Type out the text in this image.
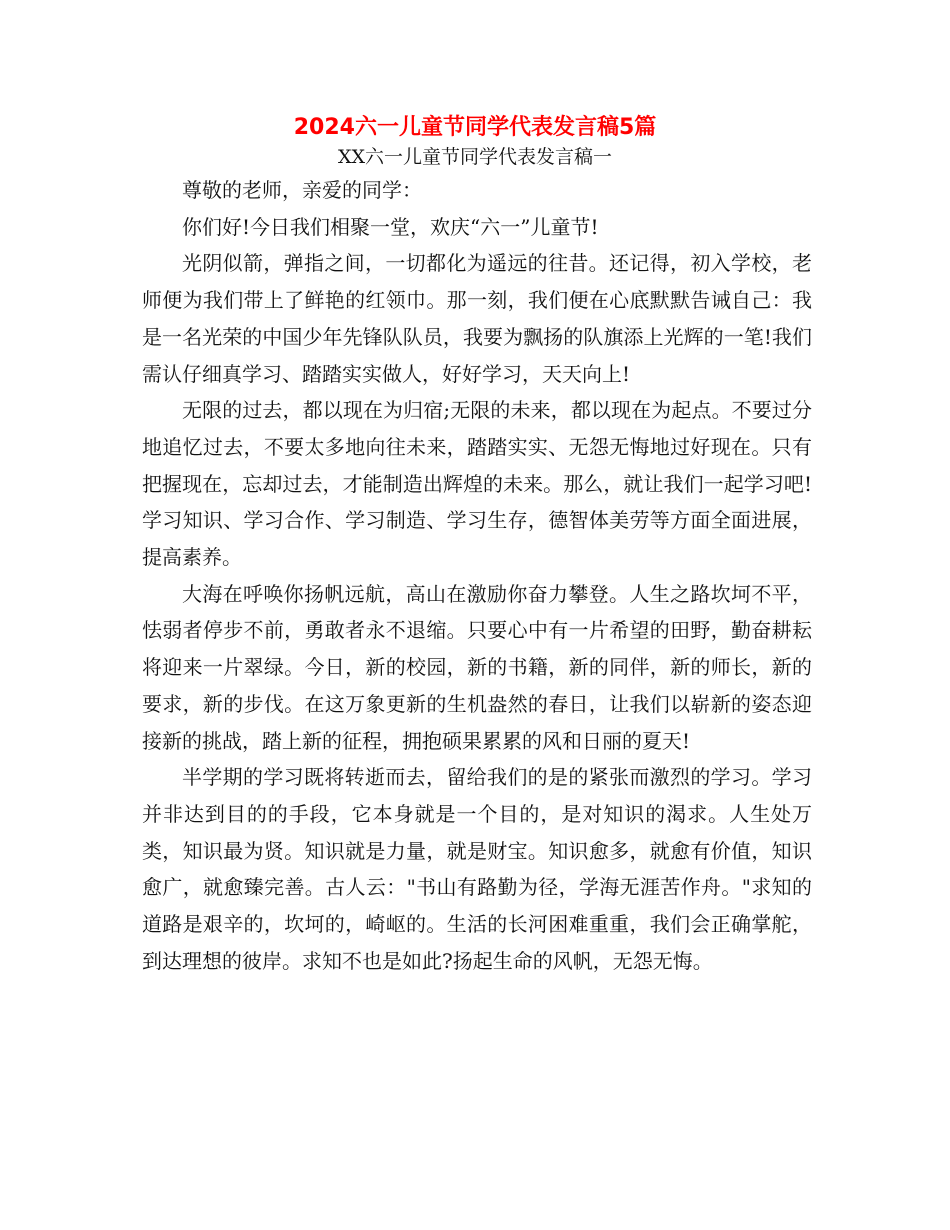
2024六一儿童节同学代表发言稿5篇
XX六一儿童节同学代表发言稿一

尊敬的老师，亲爱的同学：

你们好!今日我们相聚一堂，欢庆“六一”儿童节!

光阴似箭，弹指之间，一切都化为遥远的往昔。还记得，初入学校，老师便为我们带上了鲜艳的红领巾。那一刻，我们便在心底默默告诫自己：我是一名光荣的中国少年先锋队队员，我要为飘扬的队旗添上光辉的一笔!我们需认仔细真学习、踏踏实实做人，好好学习，天天向上!

无限的过去，都以现在为归宿;无限的未来，都以现在为起点。不要过分地追忆过去，不要太多地向往未来，踏踏实实、无怨无悔地过好现在。只有把握现在，忘却过去，才能制造出辉煌的未来。那么，就让我们一起学习吧!学习知识、学习合作、学习制造、学习生存，德智体美劳等方面全面进展，提高素养。

大海在呼唤你扬帆远航，高山在激励你奋力攀登。人生之路坎坷不平，怯弱者停步不前，勇敢者永不退缩。只要心中有一片希望的田野，勤奋耕耘将迎来一片翠绿。今日，新的校园，新的书籍，新的同伴，新的师长，新的要求，新的步伐。在这万象更新的生机盎然的春日，让我们以崭新的姿态迎接新的挑战，踏上新的征程，拥抱硕果累累的风和日丽的夏天!

半学期的学习既将转逝而去，留给我们的是的紧张而激烈的学习。学习并非达到目的的手段，它本身就是一个目的，是对知识的渴求。人生处万类，知识最为贤。知识就是力量，就是财宝。知识愈多，就愈有价值，知识愈广，就愈臻完善。古人云："书山有路勤为径，学海无涯苦作舟。"求知的道路是艰辛的，坎坷的，崎岖的。生活的长河困难重重，我们会正确掌舵，到达理想的彼岸。求知不也是如此?扬起生命的风帆，无怨无悔。
